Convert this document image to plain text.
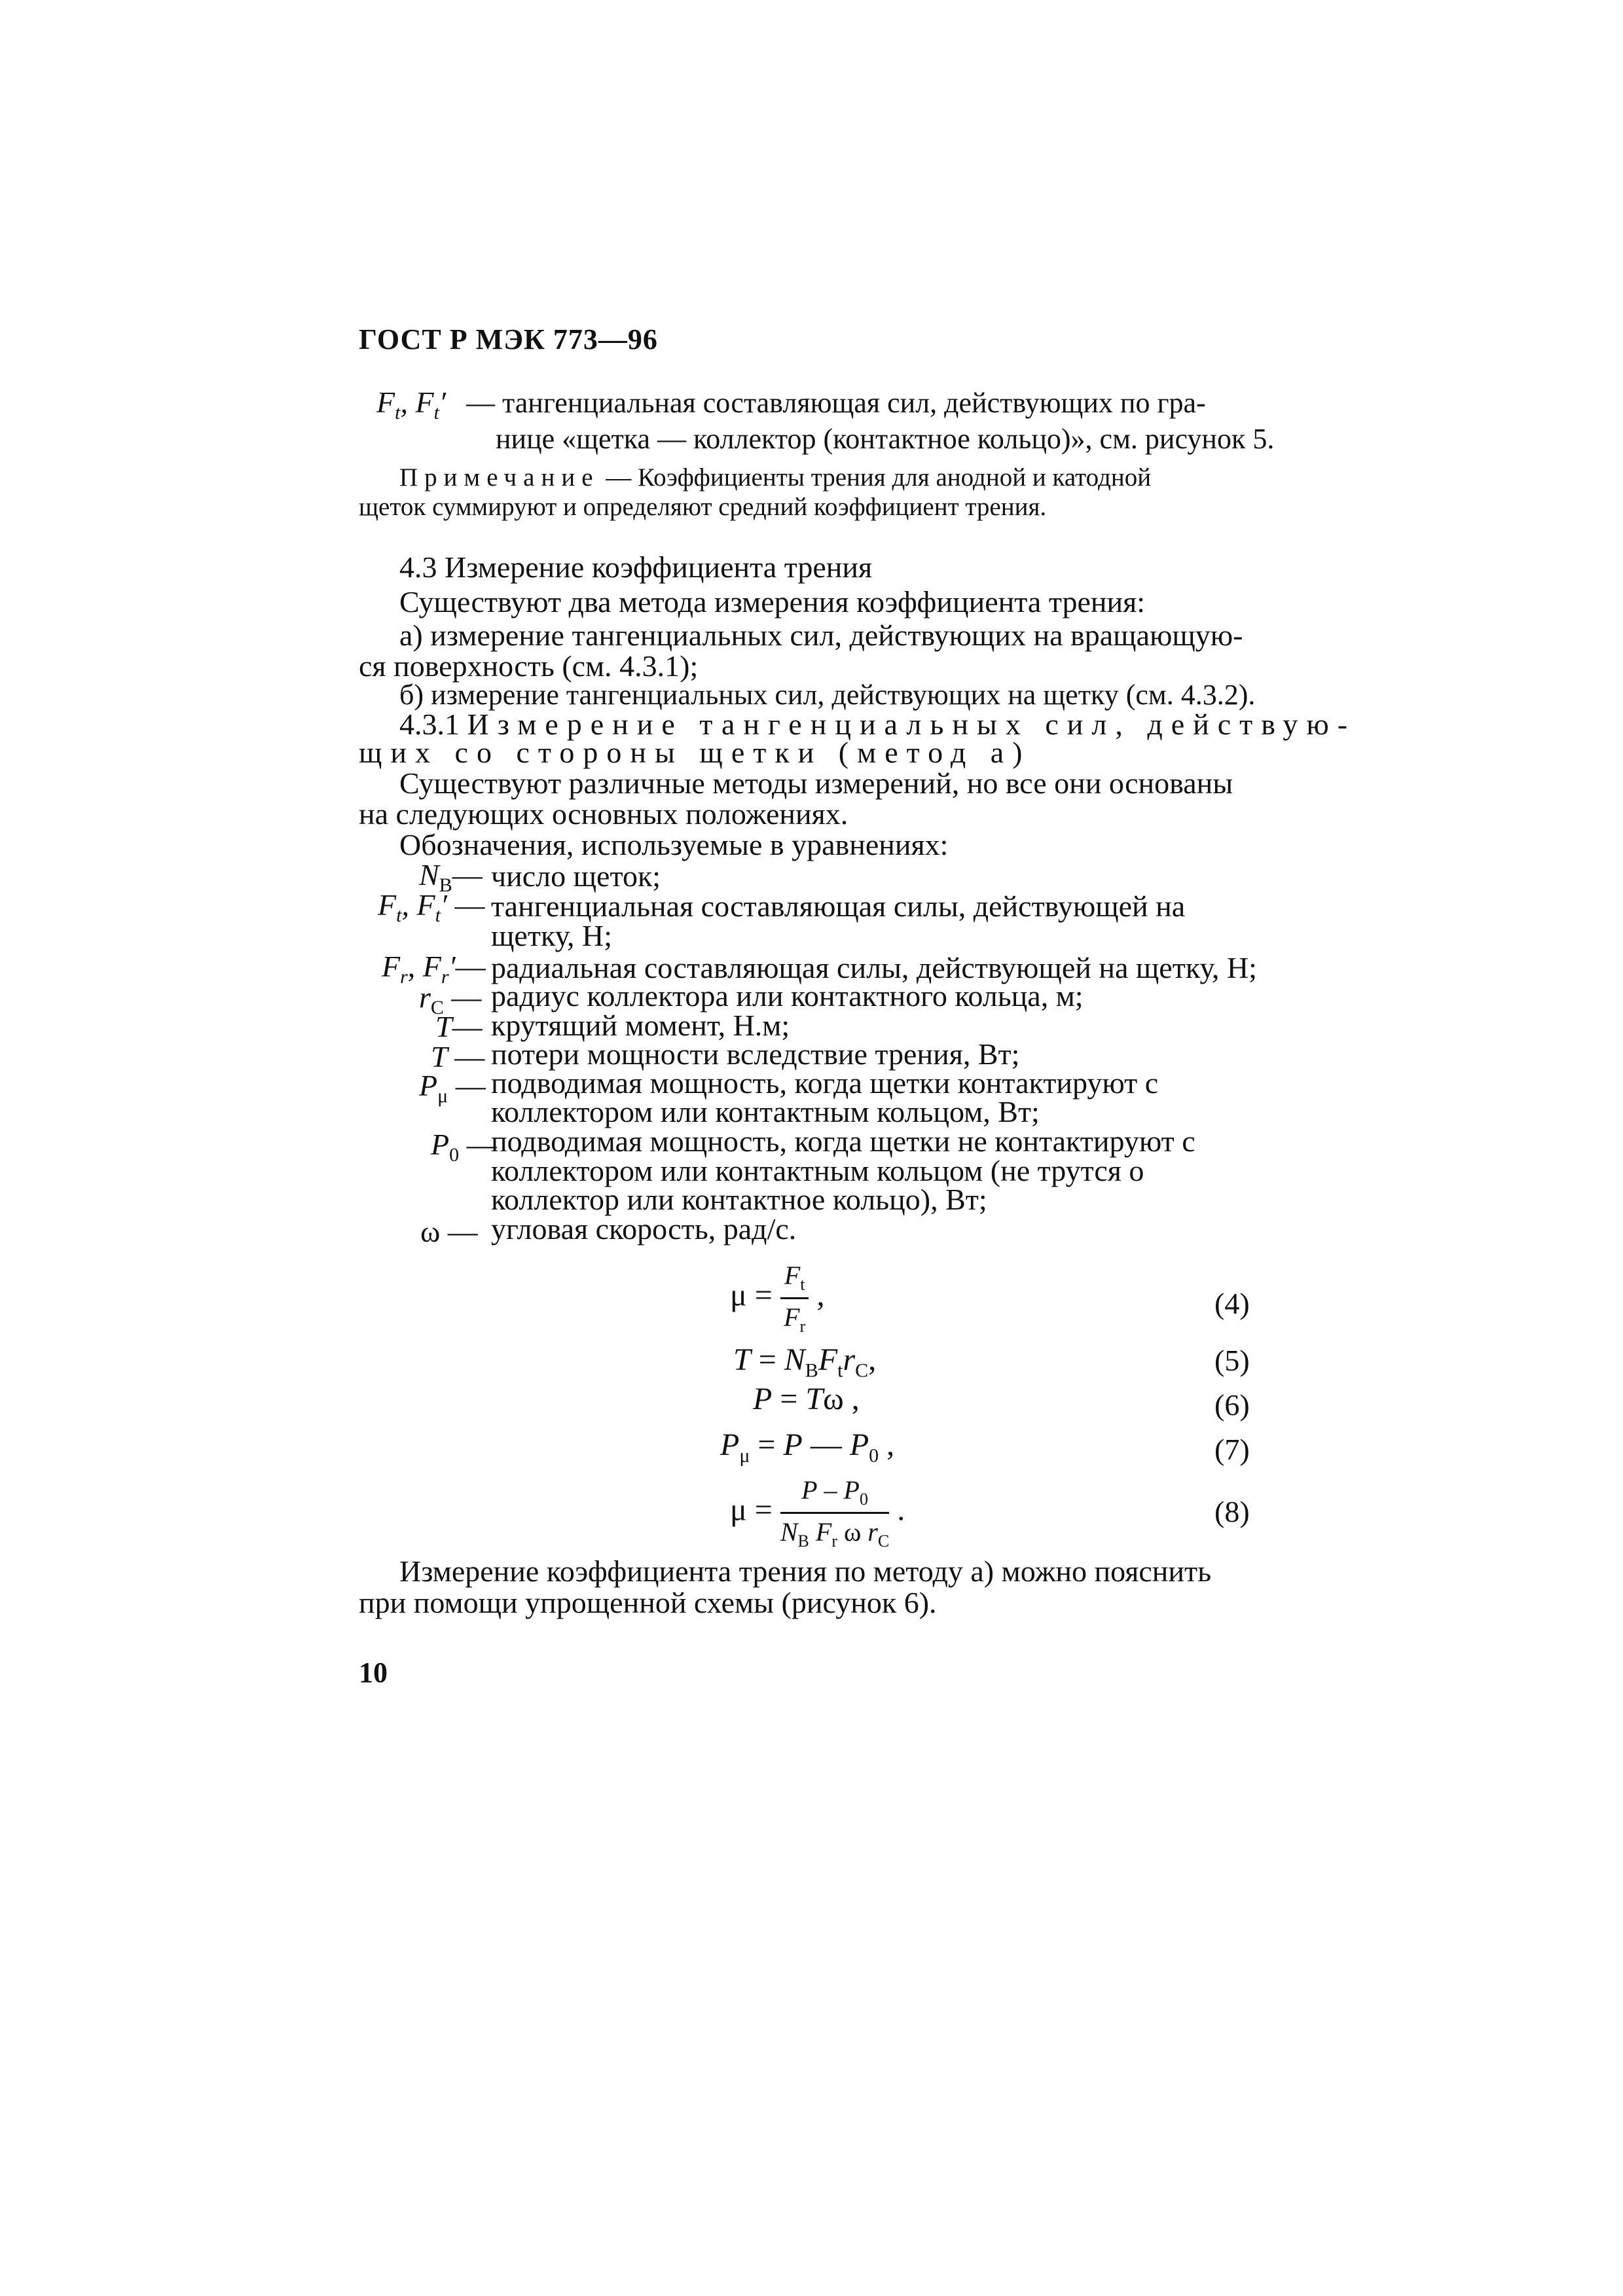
ГОСТ Р МЭК 773—96
$F_t$, $F_t'$ — тангенциальная составляющая сил, действующих по гра-
нице «щетка — коллектор (контактное кольцо)», см. рисунок 5.
Примечание — Коэффициенты трения для анодной и катодной
щеток суммируют и определяют средний коэффициент трения.
4.3 Измерение коэффициента трения
Существуют два метода измерения коэффициента трения:
а) измерение тангенциальных сил, действующих на вращающую-
ся поверхность (см. 4.3.1);
б) измерение тангенциальных сил, действующих на щетку (см. 4.3.2).
4.3.1 Измерение тангенциальных сил, действую-
щих со стороны щетки (метод а)
Существуют различные методы измерений, но все они основаны
на следующих основных положениях.
Обозначения, используемые в уравнениях:
$N_B—$ число щеток;
$F_t$, $F_t'$ — тангенциальная составляющая силы, действующей на
щетку, Н;
$F_r$, $F_r'—$ радиальная составляющая силы, действующей на щетку, Н;
$r_C$ — радиус коллектора или контактного кольца, м;
T— крутящий момент, Н.м;
T — потери мощности вследствие трения, Вт;
$P_\mu$ — подводимая мощность, когда щетки контактируют с
коллектором или контактным кольцом, Вт;
$P_0$ —
подводимая мощность, когда щетки не контактируют с
коллектором или контактным кольцом (не трутся о
коллектор или контактное кольцо), Вт;
ω — угловая скорость, рад/с.
$\mu = \frac{F_t}{F_r}$ ,	(4)
$T = N_BF_tr_C$,	(5)
P = Tω ,	(6)
$P_\mu = P$ — $P_0$ ,	(7)
$\mu = \frac{P - P_0}{N_B F_r \omega r_C}$ .	(8)
Измерение коэффициента трения по методу а) можно пояснить
при помощи упрощенной схемы (рисунок 6).
10
